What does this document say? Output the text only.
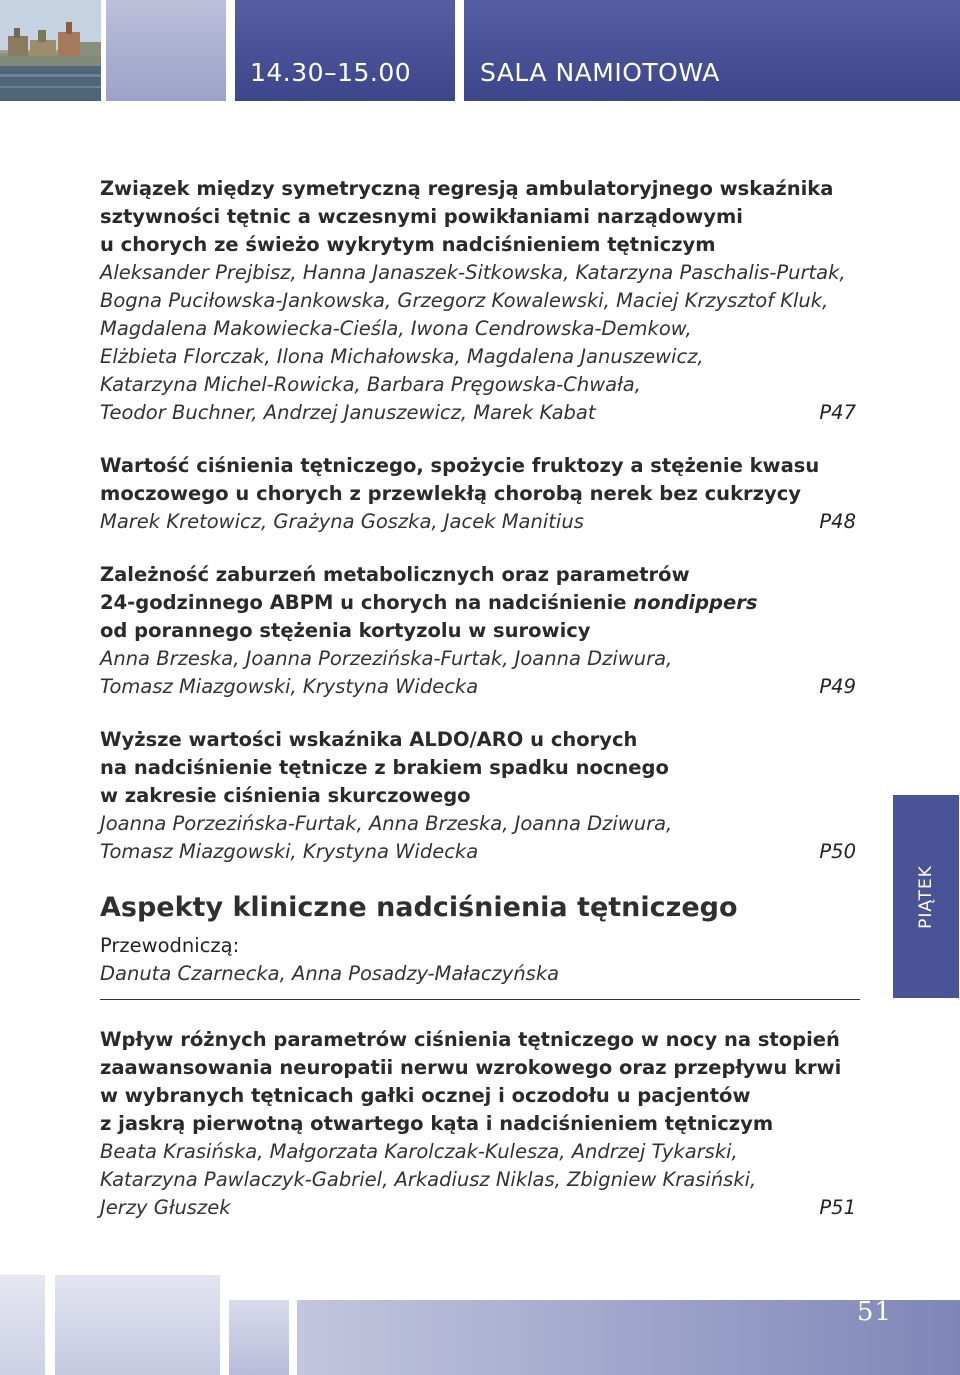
14.30–15.00	SALA NAMIOTOWA
Związek między symetryczną regresją ambulatoryjnego wskaźnika
sztywności tętnic a wczesnymi powikłaniami narządowymi
u chorych ze świeżo wykrytym nadciśnieniem tętniczym
Aleksander Prejbisz, Hanna Janaszek-Sitkowska, Katarzyna Paschalis-Purtak,
Bogna Puciłowska-Jankowska, Grzegorz Kowalewski, Maciej Krzysztof Kluk,
Magdalena Makowiecka-Cieśla, Iwona Cendrowska-Demkow,
Elżbieta Florczak, Ilona Michałowska, Magdalena Januszewicz,
Katarzyna Michel-Rowicka, Barbara Pręgowska-Chwała,
Teodor Buchner, Andrzej Januszewicz, Marek Kabat	P47
Wartość ciśnienia tętniczego, spożycie fruktozy a stężenie kwasu
moczowego u chorych z przewlekłą chorobą nerek bez cukrzycy
Marek Kretowicz, Grażyna Goszka, Jacek Manitius	P48
Zależność zaburzeń metabolicznych oraz parametrów
24-godzinnego ABPM u chorych na nadciśnienie nondippers
od porannego stężenia kortyzolu w surowicy
Anna Brzeska, Joanna Porzezińska-Furtak, Joanna Dziwura,
Tomasz Miazgowski, Krystyna Widecka	P49
Wyższe wartości wskaźnika ALDO/ARO u chorych
na nadciśnienie tętnicze z brakiem spadku nocnego
w zakresie ciśnienia skurczowego
Joanna Porzezińska-Furtak, Anna Brzeska, Joanna Dziwura,
Tomasz Miazgowski, Krystyna Widecka	P50
Aspekty kliniczne nadciśnienia tętniczego
Przewodniczą:
Danuta Czarnecka, Anna Posadzy-Małaczyńska
Wpływ różnych parametrów ciśnienia tętniczego w nocy na stopień
zaawansowania neuropatii nerwu wzrokowego oraz przepływu krwi
w wybranych tętnicach gałki ocznej i oczodołu u pacjentów
z jaskrą pierwotną otwartego kąta i nadciśnieniem tętniczym
Beata Krasińska, Małgorzata Karolczak-Kulesza, Andrzej Tykarski,
Katarzyna Pawlaczyk-Gabriel, Arkadiusz Niklas, Zbigniew Krasiński,
Jerzy Głuszek	P51
PIĄTEK
51
